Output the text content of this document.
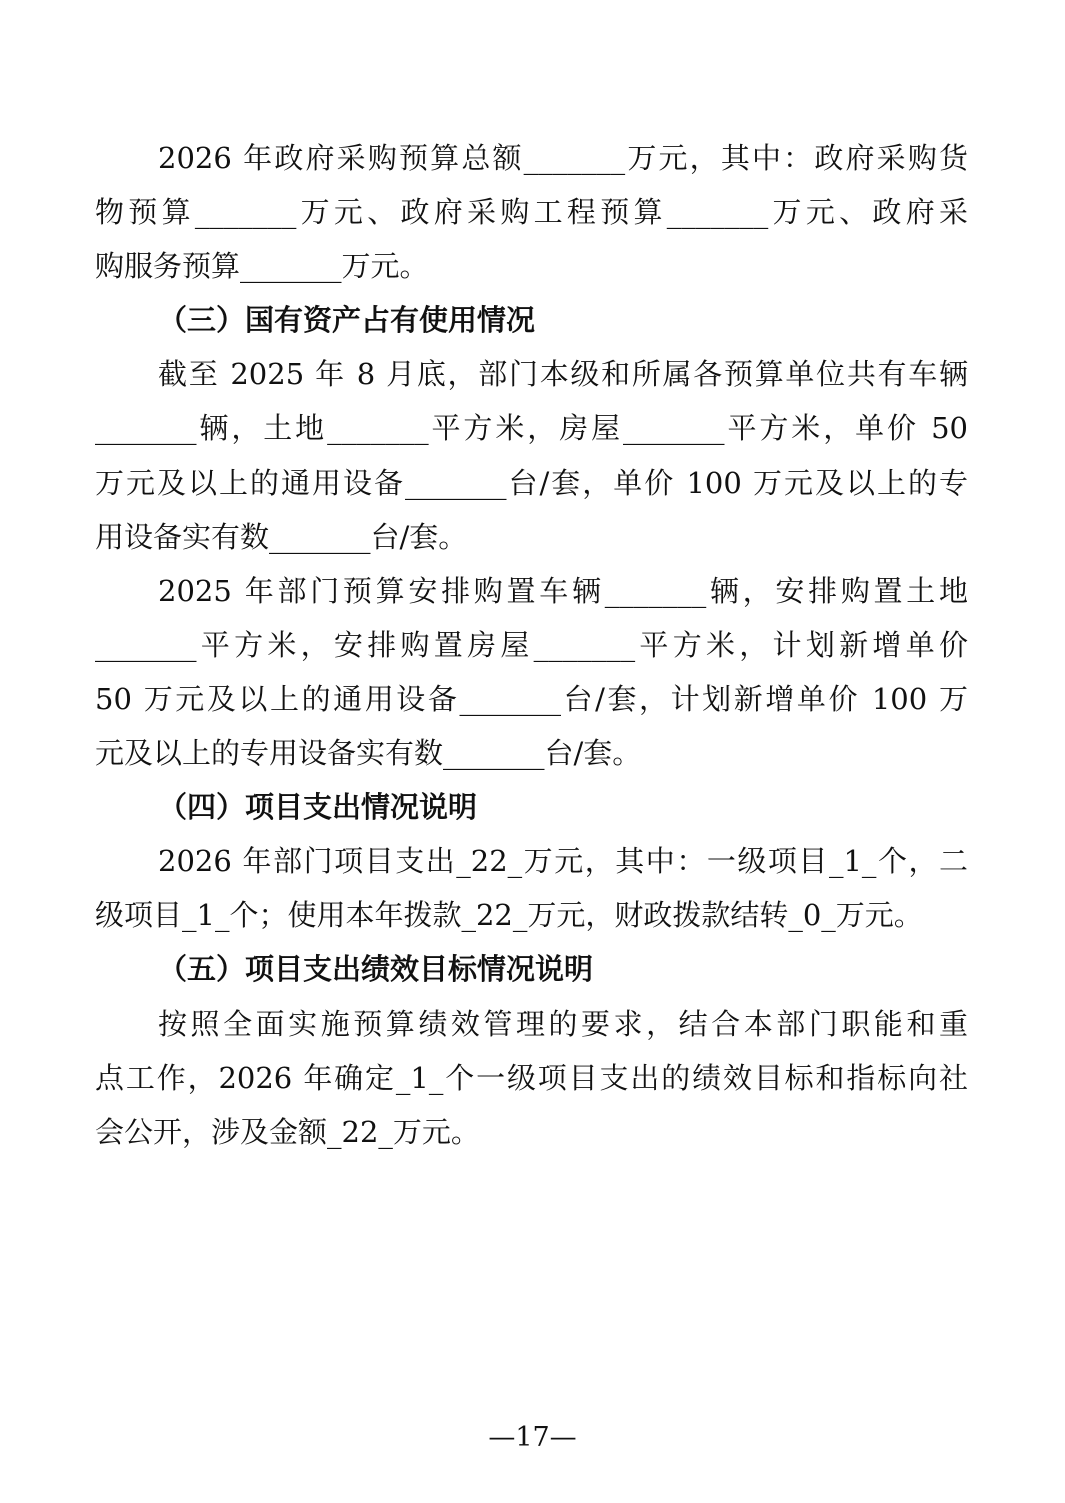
2026 年政府采购预算总额_______万元，其中：政府采购货
物预算_______万元、政府采购工程预算_______万元、政府采
购服务预算_______万元。
（三）国有资产占有使用情况
截至 2025 年 8 月底，部门本级和所属各预算单位共有车辆
_______辆，土地_______平方米，房屋_______平方米，单价 50
万元及以上的通用设备_______台/套，单价 100 万元及以上的专
用设备实有数_______台/套。
2025 年部门预算安排购置车辆_______辆，安排购置土地
_______平方米，安排购置房屋_______平方米，计划新增单价
50 万元及以上的通用设备_______台/套，计划新增单价 100 万
元及以上的专用设备实有数_______台/套。
（四）项目支出情况说明
2026 年部门项目支出_22_万元，其中：一级项目_1_个，二
级项目_1_个；使用本年拨款_22_万元，财政拨款结转_0_万元。
（五）项目支出绩效目标情况说明
按照全面实施预算绩效管理的要求，结合本部门职能和重
点工作，2026 年确定_1_个一级项目支出的绩效目标和指标向社
会公开，涉及金额_22_万元。
—17—
